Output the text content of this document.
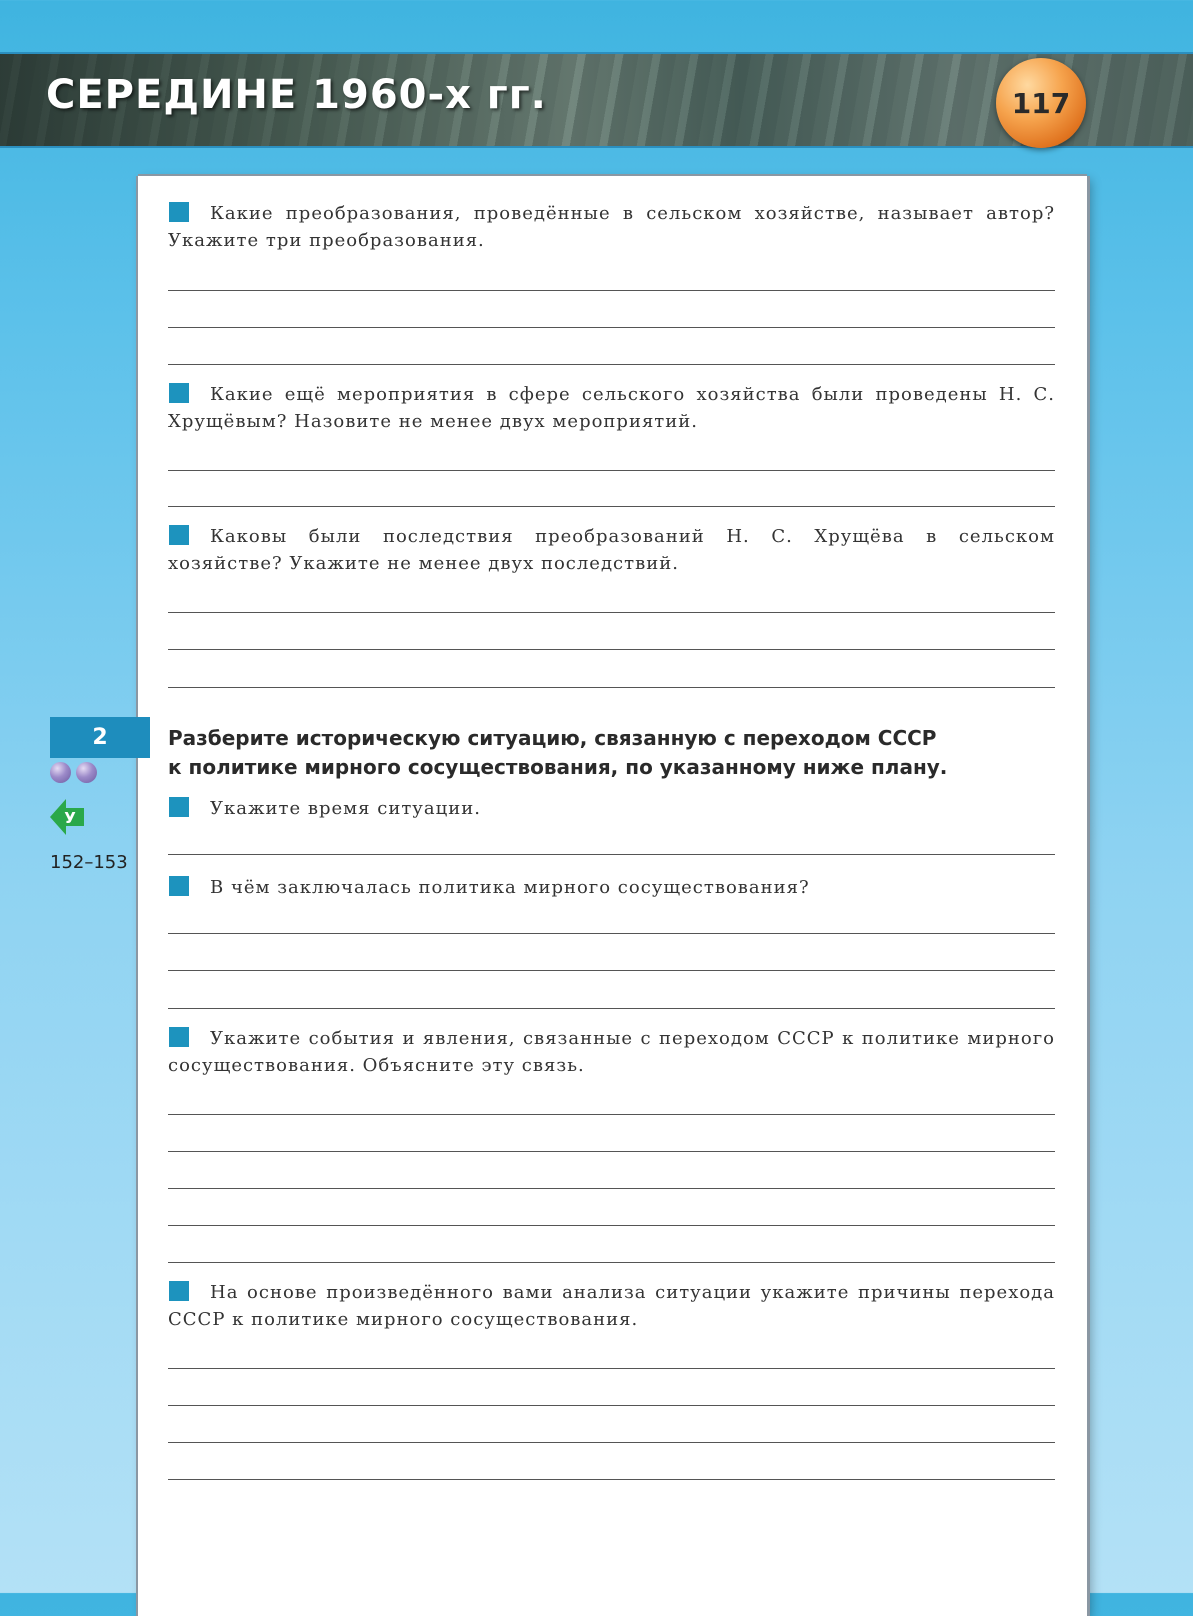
СЕРЕДИНЕ 1960-х гг.	117
Какие преобразования, проведённые в сельском хозяйстве, называет автор? Укажите три преобразования.
Какие ещё мероприятия в сфере сельского хозяйства были проведены Н. С. Хрущёвым? Назовите не менее двух мероприятий.
Каковы были последствия преобразований Н. С. Хрущёва в сельском хозяйстве? Укажите не менее двух последствий.
2
У
152–153
Разберите историческую ситуацию, связанную с переходом СССР
к политике мирного сосуществования, по указанному ниже плану.
Укажите время ситуации.
В чём заключалась политика мирного сосуществования?
Укажите события и явления, связанные с переходом СССР к политике мирного сосуществования. Объясните эту связь.
На основе произведённого вами анализа ситуации укажите причины перехода СССР к политике мирного сосуществования.
